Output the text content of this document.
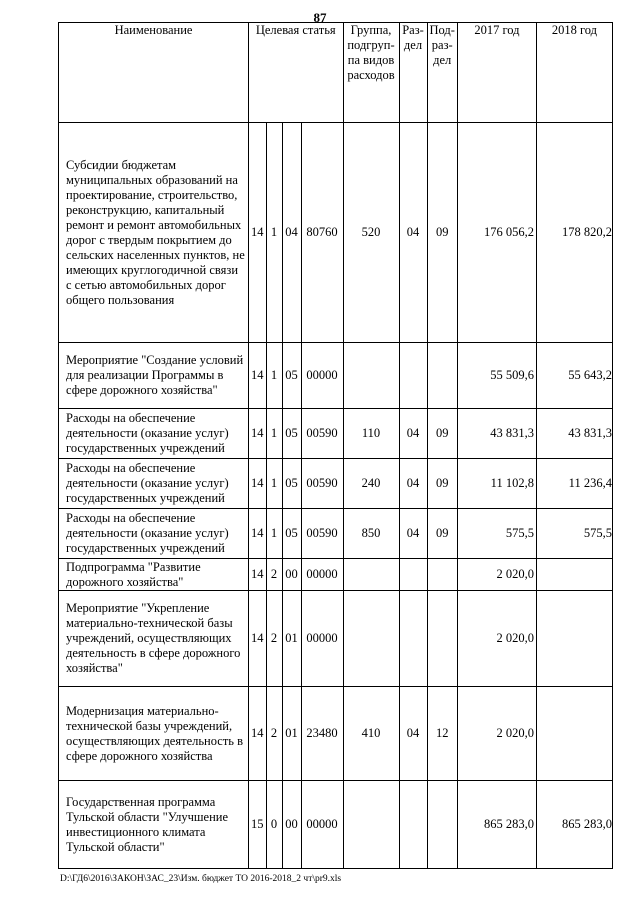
87
Наименование	Целевая статья				Группа, подгруп-па видов расходов	Раз-дел	Под-раз-дел	2017 год	2018 год
Субсидии бюджетам муниципальных образований на проектирование, строительство, реконструкцию, капитальный ремонт и ремонт автомобильных дорог с твердым покрытием до сельских населенных пунктов, не имеющих круглогодичной связи с сетью автомобильных дорог общего пользования	14	1	04	80760	520	04	09	176 056,2	178 820,2
Мероприятие "Создание условий для реализации Программы в сфере дорожного хозяйства"	14	1	05	00000				55 509,6	55 643,2
Расходы на обеспечение деятельности (оказание услуг) государственных учреждений	14	1	05	00590	110	04	09	43 831,3	43 831,3
Расходы на обеспечение деятельности (оказание услуг) государственных учреждений	14	1	05	00590	240	04	09	11 102,8	11 236,4
Расходы на обеспечение деятельности (оказание услуг) государственных учреждений	14	1	05	00590	850	04	09	575,5	575,5
Подпрограмма "Развитие дорожного хозяйства"	14	2	00	00000				2 020,0	
Мероприятие "Укрепление материально-технической базы учреждений, осуществляющих деятельность в сфере дорожного хозяйства"	14	2	01	00000				2 020,0	
Модернизация материально-технической базы учреждений, осуществляющих деятельность в сфере дорожного хозяйства	14	2	01	23480	410	04	12	2 020,0	
Государственная программа Тульской области "Улучшение инвестиционного климата Тульской области"	15	0	00	00000				865 283,0	865 283,0
D:\ГД6\2016\ЗАКОН\ЗАС_23\Изм. бюджет ТО 2016-2018_2 чт\pr9.xls
